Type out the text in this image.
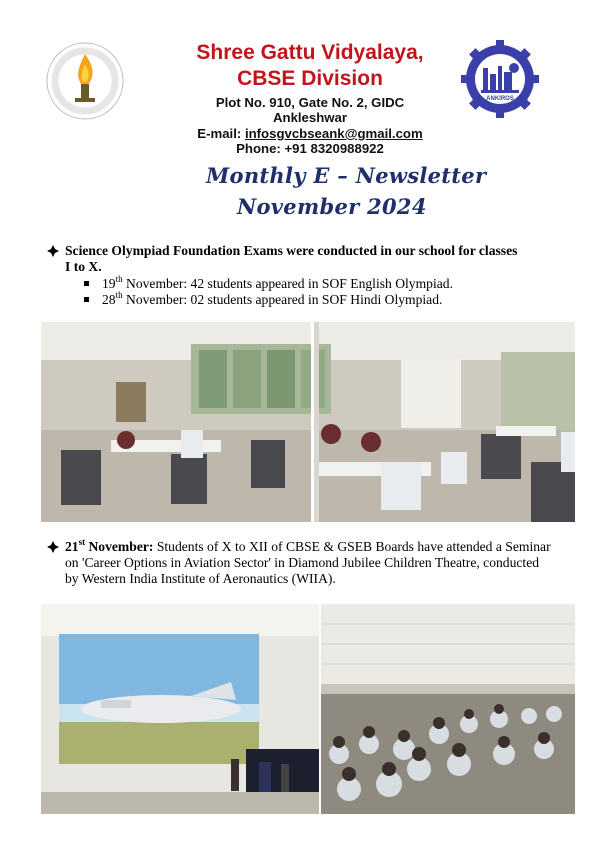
ANKIROS
Shree Gattu Vidyalaya,
CBSE Division
Plot No. 910, Gate No. 2, GIDC
Ankleshwar
E-mail: infosgvcbseank@gmail.com
Phone: +91 8320988922
Monthly E – Newsletter
November 2024
Science Olympiad Foundation Exams were conducted in our school for classes
I to X.
19th November: 42 students appeared in SOF English Olympiad.
28th November: 02 students appeared in SOF Hindi Olympiad.
21st November: Students of X to XII of CBSE & GSEB Boards have attended a Seminar
on 'Career Options in Aviation Sector' in Diamond Jubilee Children Theatre, conducted
by Western India Institute of Aeronautics (WIIA).
